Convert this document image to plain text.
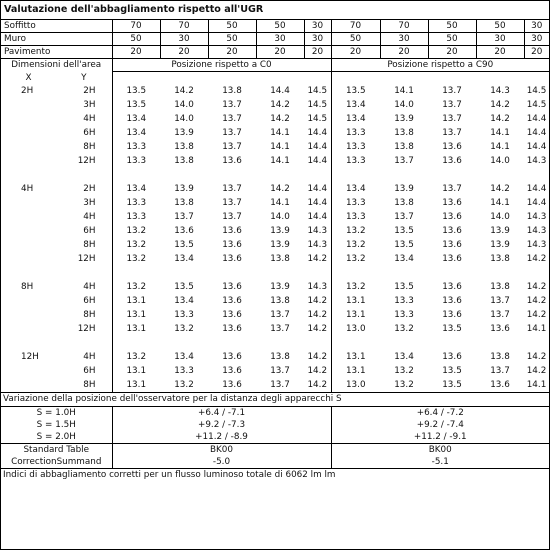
Valutazione dell'abbagliamento rispetto all'UGR
Soffitto	70	70	50	50	30	70	70	50	50	30
Muro	50	30	50	30	30	50	30	50	30	30
Pavimento	20	20	20	20	20	20	20	20	20	20
Dimensioni dell'area	Posizione rispetto a C0	Posizione rispetto a C90
X	Y		
2H	2H	13.5	14.2	13.8	14.4	14.5	13.5	14.1	13.7	14.3	14.5
	3H	13.5	14.0	13.7	14.2	14.5	13.4	14.0	13.7	14.2	14.5
	4H	13.4	14.0	13.7	14.2	14.5	13.4	13.9	13.7	14.2	14.4
	6H	13.4	13.9	13.7	14.1	14.4	13.3	13.8	13.7	14.1	14.4
	8H	13.3	13.8	13.7	14.1	14.4	13.3	13.8	13.6	14.1	14.4
	12H	13.3	13.8	13.6	14.1	14.4	13.3	13.7	13.6	14.0	14.3

4H	2H	13.4	13.9	13.7	14.2	14.4	13.4	13.9	13.7	14.2	14.4
	3H	13.3	13.8	13.7	14.1	14.4	13.3	13.8	13.6	14.1	14.4
	4H	13.3	13.7	13.7	14.0	14.4	13.3	13.7	13.6	14.0	14.3
	6H	13.2	13.6	13.6	13.9	14.3	13.2	13.5	13.6	13.9	14.3
	8H	13.2	13.5	13.6	13.9	14.3	13.2	13.5	13.6	13.9	14.3
	12H	13.2	13.4	13.6	13.8	14.2	13.2	13.4	13.6	13.8	14.2

8H	4H	13.2	13.5	13.6	13.9	14.3	13.2	13.5	13.6	13.8	14.2
	6H	13.1	13.4	13.6	13.8	14.2	13.1	13.3	13.6	13.7	14.2
	8H	13.1	13.3	13.6	13.7	14.2	13.1	13.3	13.6	13.7	14.2
	12H	13.1	13.2	13.6	13.7	14.2	13.0	13.2	13.5	13.6	14.1

12H	4H	13.2	13.4	13.6	13.8	14.2	13.1	13.4	13.6	13.8	14.2
	6H	13.1	13.3	13.6	13.7	14.2	13.1	13.2	13.5	13.7	14.2
	8H	13.1	13.2	13.6	13.7	14.2	13.0	13.2	13.5	13.6	14.1
Variazione della posizione dell'osservatore per la distanza degli apparecchi S
S = 1.0H	+6.4 / -7.1	+6.4 / -7.2
S = 1.5H	+9.2 / -7.3	+9.2 / -7.4
S = 2.0H	+11.2 / -8.9	+11.2 / -9.1
Standard Table	BK00	BK00
CorrectionSummand	-5.0	-5.1
Indici di abbagliamento corretti per un flusso luminoso totale di 6062 lm lm
